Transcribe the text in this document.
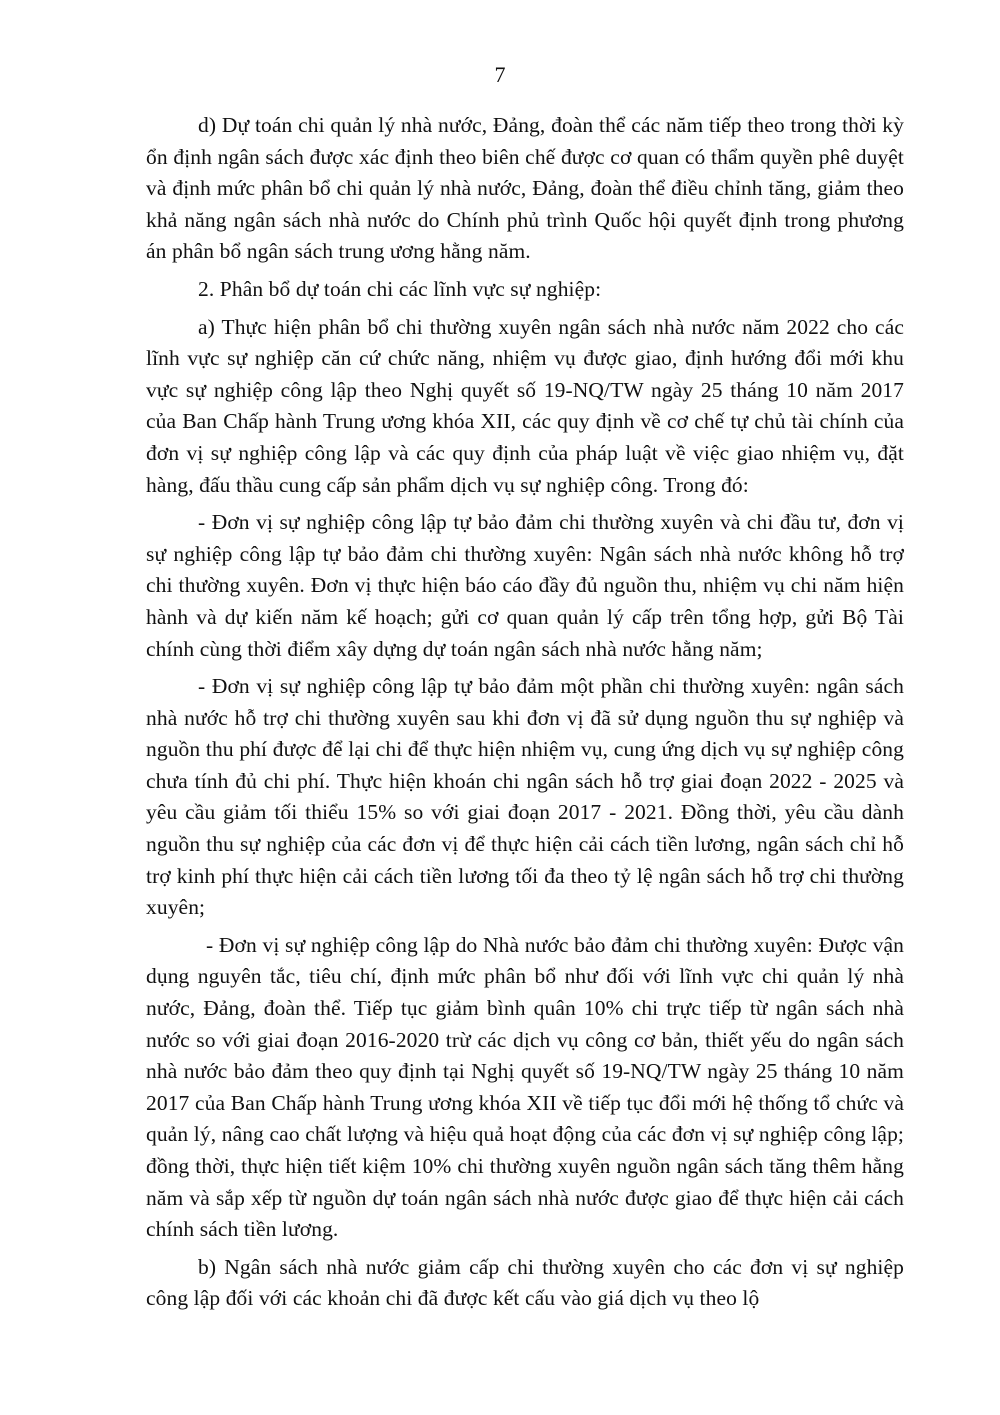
7

d) Dự toán chi quản lý nhà nước, Đảng, đoàn thể các năm tiếp theo trong thời kỳ ổn định ngân sách được xác định theo biên chế được cơ quan có thẩm quyền phê duyệt và định mức phân bổ chi quản lý nhà nước, Đảng, đoàn thể điều chỉnh tăng, giảm theo khả năng ngân sách nhà nước do Chính phủ trình Quốc hội quyết định trong phương án phân bổ ngân sách trung ương hằng năm.

2. Phân bổ dự toán chi các lĩnh vực sự nghiệp:

a) Thực hiện phân bổ chi thường xuyên ngân sách nhà nước năm 2022 cho các lĩnh vực sự nghiệp căn cứ chức năng, nhiệm vụ được giao, định hướng đổi mới khu vực sự nghiệp công lập theo Nghị quyết số 19-NQ/TW ngày 25 tháng 10 năm 2017 của Ban Chấp hành Trung ương khóa XII, các quy định về cơ chế tự chủ tài chính của đơn vị sự nghiệp công lập và các quy định của pháp luật về việc giao nhiệm vụ, đặt hàng, đấu thầu cung cấp sản phẩm dịch vụ sự nghiệp công. Trong đó:

- Đơn vị sự nghiệp công lập tự bảo đảm chi thường xuyên và chi đầu tư, đơn vị sự nghiệp công lập tự bảo đảm chi thường xuyên: Ngân sách nhà nước không hỗ trợ chi thường xuyên. Đơn vị thực hiện báo cáo đầy đủ nguồn thu, nhiệm vụ chi năm hiện hành và dự kiến năm kế hoạch; gửi cơ quan quản lý cấp trên tổng hợp, gửi Bộ Tài chính cùng thời điểm xây dựng dự toán ngân sách nhà nước hằng năm;

- Đơn vị sự nghiệp công lập tự bảo đảm một phần chi thường xuyên: ngân sách nhà nước hỗ trợ chi thường xuyên sau khi đơn vị đã sử dụng nguồn thu sự nghiệp và nguồn thu phí được để lại chi để thực hiện nhiệm vụ, cung ứng dịch vụ sự nghiệp công chưa tính đủ chi phí. Thực hiện khoán chi ngân sách hỗ trợ giai đoạn 2022 - 2025 và yêu cầu giảm tối thiểu 15% so với giai đoạn 2017 - 2021. Đồng thời, yêu cầu dành nguồn thu sự nghiệp của các đơn vị để thực hiện cải cách tiền lương, ngân sách chỉ hỗ trợ kinh phí thực hiện cải cách tiền lương tối đa theo tỷ lệ ngân sách hỗ trợ chi thường xuyên;

- Đơn vị sự nghiệp công lập do Nhà nước bảo đảm chi thường xuyên: Được vận dụng nguyên tắc, tiêu chí, định mức phân bổ như đối với lĩnh vực chi quản lý nhà nước, Đảng, đoàn thể. Tiếp tục giảm bình quân 10% chi trực tiếp từ ngân sách nhà nước so với giai đoạn 2016-2020 trừ các dịch vụ công cơ bản, thiết yếu do ngân sách nhà nước bảo đảm theo quy định tại Nghị quyết số 19-NQ/TW ngày 25 tháng 10 năm 2017 của Ban Chấp hành Trung ương khóa XII về tiếp tục đổi mới hệ thống tổ chức và quản lý, nâng cao chất lượng và hiệu quả hoạt động của các đơn vị sự nghiệp công lập; đồng thời, thực hiện tiết kiệm 10% chi thường xuyên nguồn ngân sách tăng thêm hằng năm và sắp xếp từ nguồn dự toán ngân sách nhà nước được giao để thực hiện cải cách chính sách tiền lương.

b) Ngân sách nhà nước giảm cấp chi thường xuyên cho các đơn vị sự nghiệp công lập đối với các khoản chi đã được kết cấu vào giá dịch vụ theo lộ
